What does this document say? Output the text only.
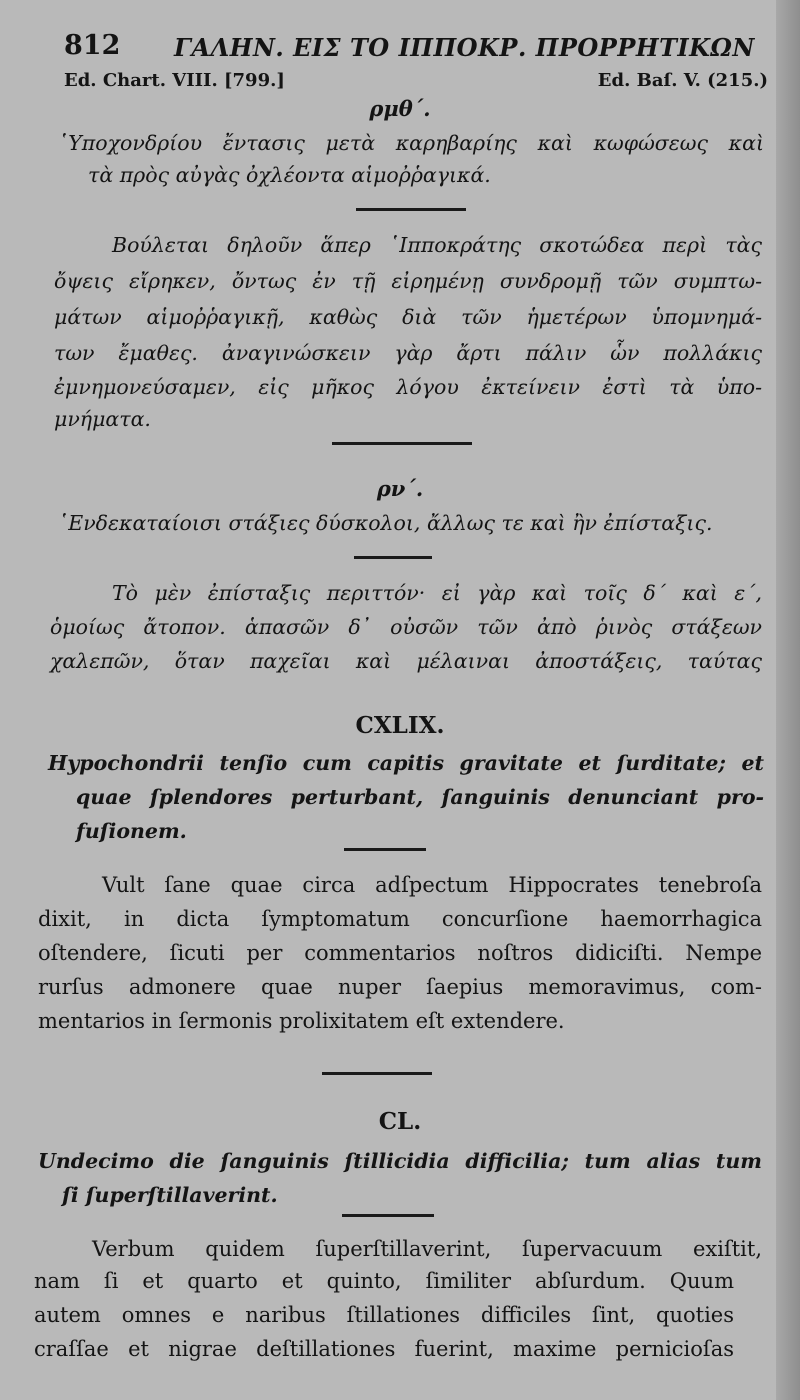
812 ΓΑΛΗΝ. ΕΙΣ ΤΟ ΙΠΠΟΚΡ. ΠΡΟΡΡΗΤΙΚΩΝ
Ed. Chart. VIII. [799.]	Ed. Baſ. V. (215.)
ρμθ΄.
῾Υποχονδρίου ἔντασις μετὰ καρηβαρίης καὶ κωφώσεως καὶ
τὰ πρὸς αὐγὰς ὀχλέοντα αἱμοῤῥαγικά.
Βούλεται δηλοῦν ἅπερ ῾Ιπποκράτης σκοτώδεα περὶ τὰς
ὄψεις εἴρηκεν, ὄντως ἐν τῇ εἰρημένῃ συνδρομῇ τῶν συμπτω-
μάτων αἱμοῤῥαγικῇ, καθὼς διὰ τῶν ἡμετέρων ὑπομνημά-
των ἔμαθες. ἀναγινώσκειν γὰρ ἄρτι πάλιν ὧν πολλάκις
ἐμνημονεύσαμεν, εἰς μῆκος λόγου ἐκτείνειν ἐστὶ τὰ ὑπο-
μνήματα.
ρν΄.
῾Ενδεκαταίοισι στάξιες δύσκολοι, ἄλλως τε καὶ ἢν ἐπίσταξις.
Τὸ μὲν ἐπίσταξις περιττόν· εἰ γὰρ καὶ τοῖς δ΄ καὶ ε΄,
ὁμοίως ἄτοπον. ἁπασῶν δ᾽ οὐσῶν τῶν ἀπὸ ῥινὸς στάξεων
χαλεπῶν, ὅταν παχεῖαι καὶ μέλαιναι ἀποστάξεις, ταύτας
CXLIX.
Hypochondrii tenſio cum capitis gravitate et ſurditate; et
quae ſplendores perturbant, ſanguinis denunciant pro-
fuſionem.
Vult ſane quae circa adſpectum Hippocrates tenebroſa
dixit, in dicta ſymptomatum concurſione haemorrhagica
oſtendere, ſicuti per commentarios noſtros didiciſti. Nempe
rurſus admonere quae nuper ſaepius memoravimus, com-
mentarios in ſermonis prolixitatem eſt extendere.
CL.
Undecimo die ſanguinis ſtillicidia difficilia; tum alias tum
ſi ſuperſtillaverint.
Verbum quidem ſuperſtillaverint, ſupervacuum exiſtit,
nam ſi et quarto et quinto, ſimiliter abſurdum. Quum
autem omnes e naribus ſtillationes difficiles ſint, quoties
craſſae et nigrae deſtillationes fuerint, maxime pernicioſas
